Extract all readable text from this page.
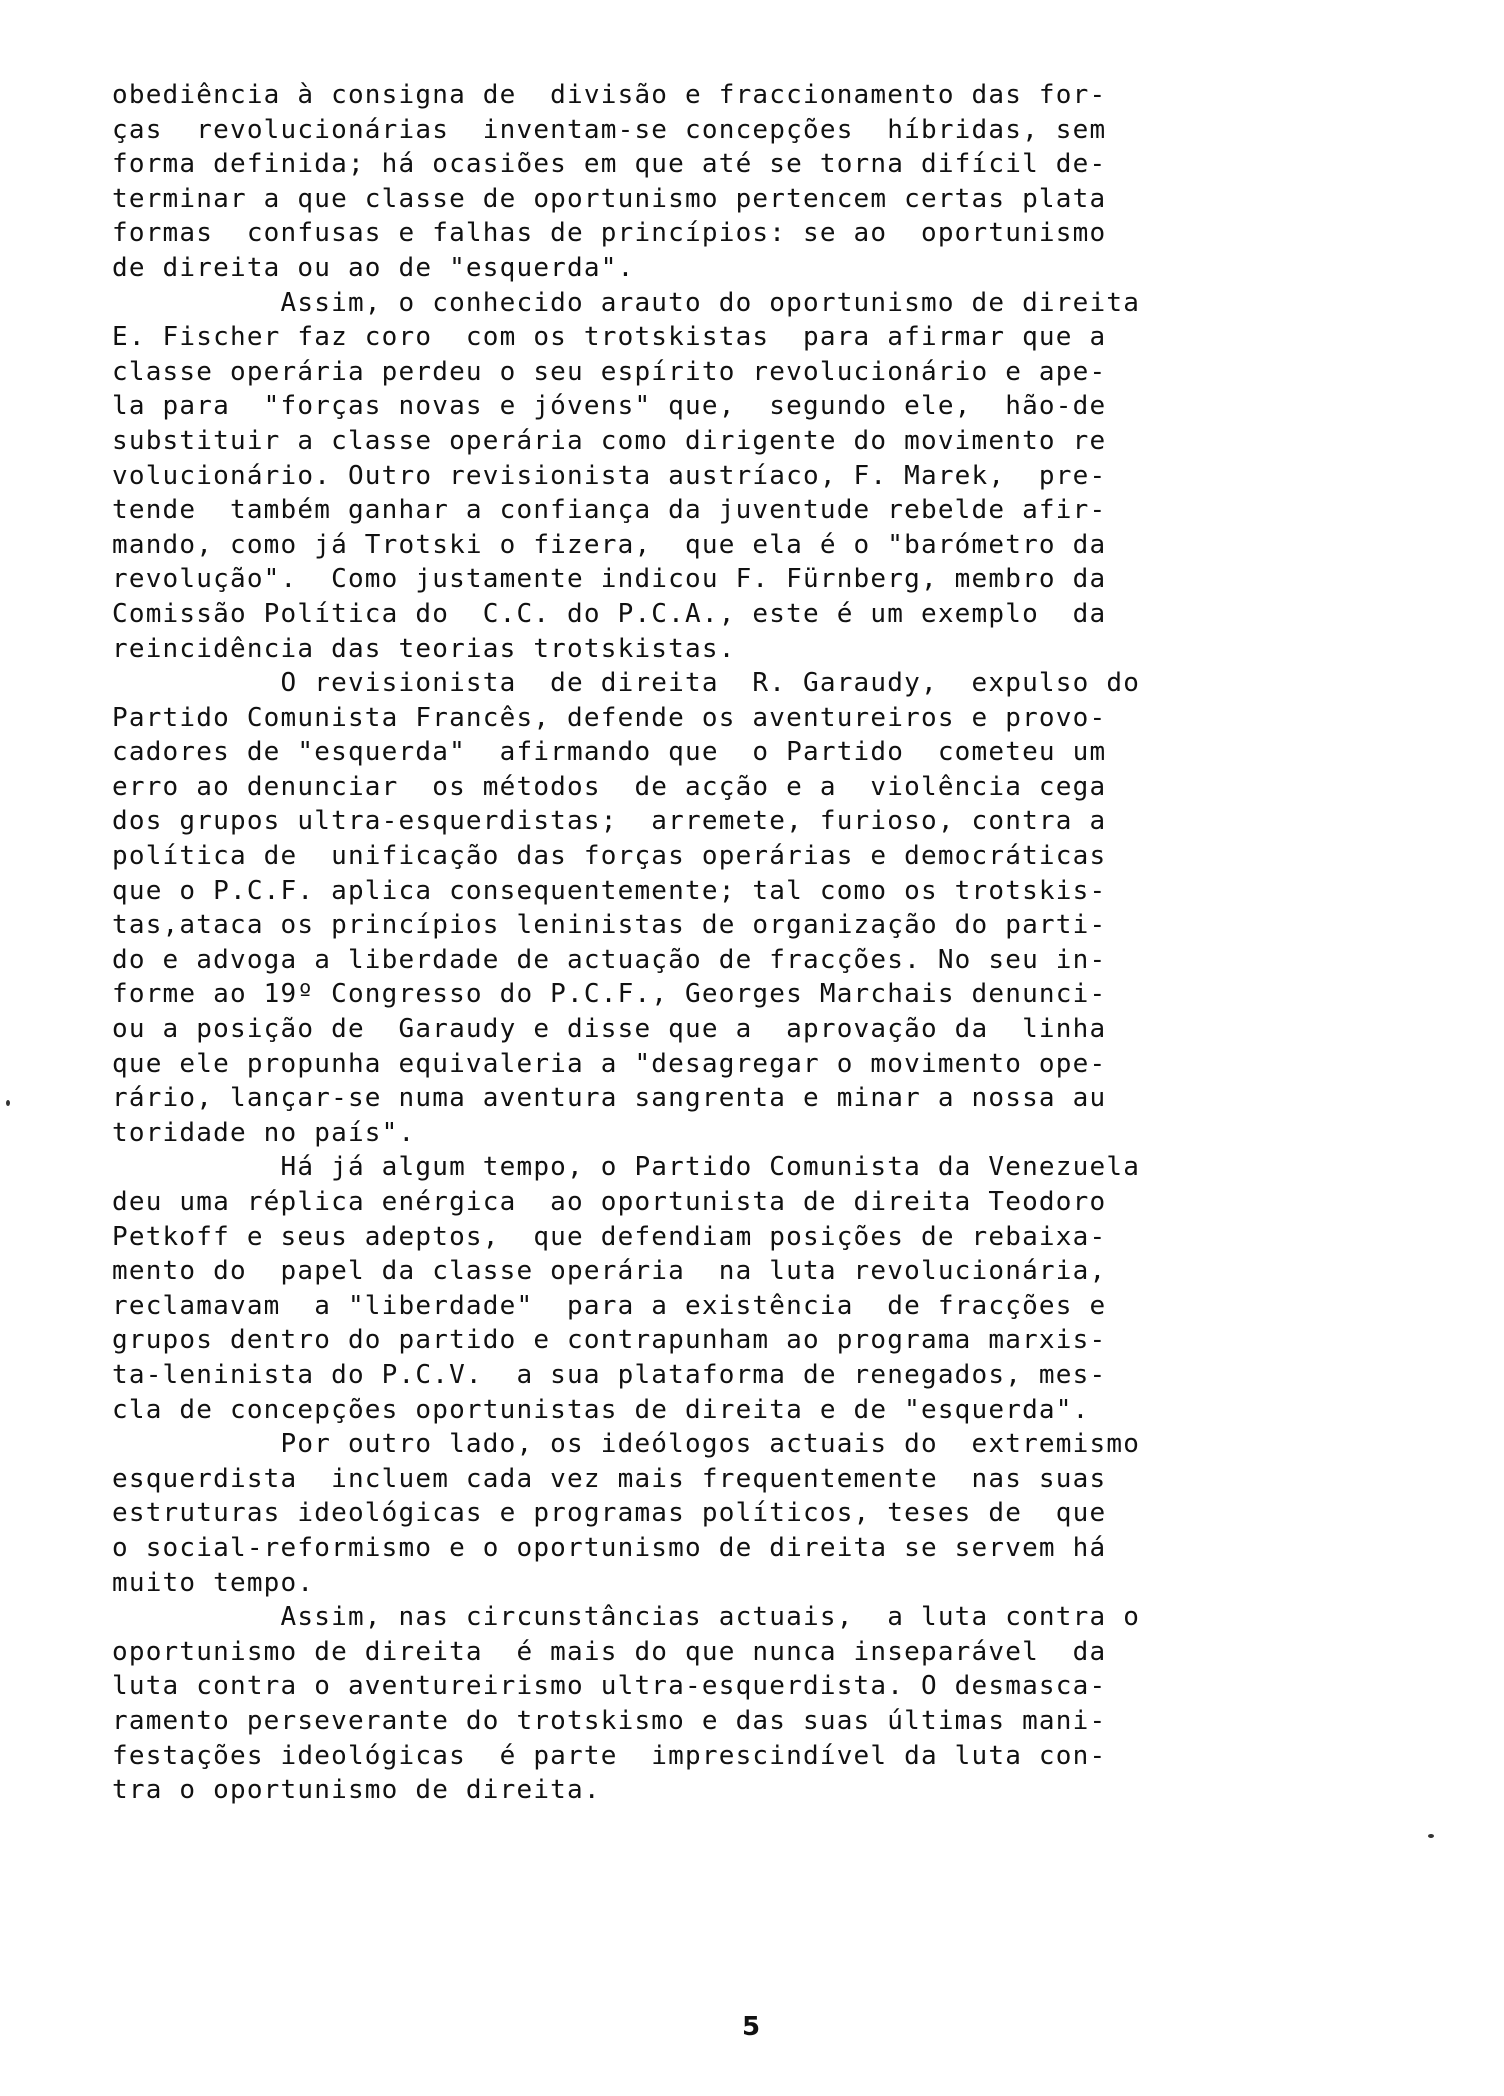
obediência à consigna de  divisão e fraccionamento das for-
ças  revolucionárias  inventam-se concepções  híbridas, sem
forma definida; há ocasiões em que até se torna difícil de-
terminar a que classe de oportunismo pertencem certas plata
formas  confusas e falhas de princípios: se ao  oportunismo
de direita ou ao de "esquerda".
Assim, o conhecido arauto do oportunismo de direita
E. Fischer faz coro  com os trotskistas  para afirmar que a
classe operária perdeu o seu espírito revolucionário e ape-
la para  "forças novas e jóvens" que,  segundo ele,  hão-de
substituir a classe operária como dirigente do movimento re
volucionário. Outro revisionista austríaco, F. Marek,  pre-
tende  também ganhar a confiança da juventude rebelde afir-
mando, como já Trotski o fizera,  que ela é o "barómetro da
revolução".  Como justamente indicou F. Fürnberg, membro da
Comissão Política do  C.C. do P.C.A., este é um exemplo  da
reincidência das teorias trotskistas.
O revisionista  de direita  R. Garaudy,  expulso do
Partido Comunista Francês, defende os aventureiros e provo-
cadores de "esquerda"  afirmando que  o Partido  cometeu um
erro ao denunciar  os métodos  de acção e a  violência cega
dos grupos ultra-esquerdistas;  arremete, furioso, contra a
política de  unificação das forças operárias e democráticas
que o P.C.F. aplica consequentemente; tal como os trotskis-
tas,ataca os princípios leninistas de organização do parti-
do e advoga a liberdade de actuação de fracções. No seu in-
forme ao 19º Congresso do P.C.F., Georges Marchais denunci-
ou a posição de  Garaudy e disse que a  aprovação da  linha
que ele propunha equivaleria a "desagregar o movimento ope-
rário, lançar-se numa aventura sangrenta e minar a nossa au
toridade no país".
Há já algum tempo, o Partido Comunista da Venezuela
deu uma réplica enérgica  ao oportunista de direita Teodoro
Petkoff e seus adeptos,  que defendiam posições de rebaixa-
mento do  papel da classe operária  na luta revolucionária,
reclamavam  a "liberdade"  para a existência  de fracções e
grupos dentro do partido e contrapunham ao programa marxis-
ta-leninista do P.C.V.  a sua plataforma de renegados, mes-
cla de concepções oportunistas de direita e de "esquerda".
Por outro lado, os ideólogos actuais do  extremismo
esquerdista  incluem cada vez mais frequentemente  nas suas
estruturas ideológicas e programas políticos, teses de  que
o social-reformismo e o oportunismo de direita se servem há
muito tempo.
Assim, nas circunstâncias actuais,  a luta contra o
oportunismo de direita  é mais do que nunca inseparável  da
luta contra o aventureirismo ultra-esquerdista. O desmasca-
ramento perseverante do trotskismo e das suas últimas mani-
festações ideológicas  é parte  imprescindível da luta con-
tra o oportunismo de direita.
5
